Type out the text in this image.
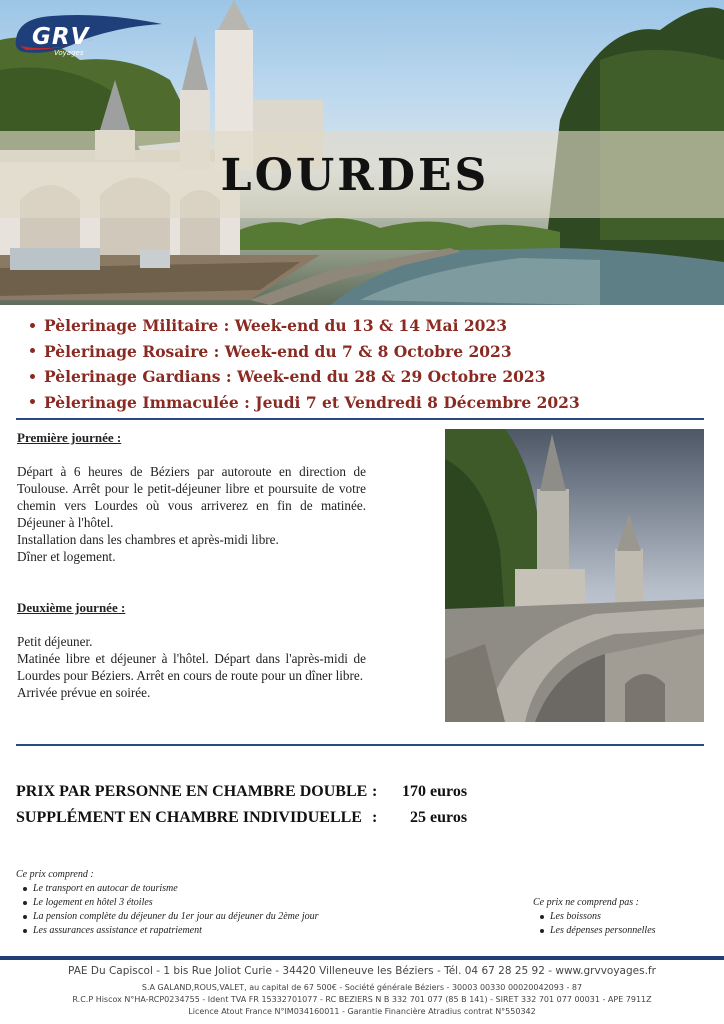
LOURDES
GRV
Voyages
Pèlerinage Militaire : Week-end du 13 & 14 Mai 2023
Pèlerinage Rosaire : Week-end du 7 & 8 Octobre 2023
Pèlerinage Gardians : Week-end du 28 & 29 Octobre 2023
Pèlerinage Immaculée : Jeudi 7 et Vendredi 8 Décembre 2023
Première journée :

Départ à 6 heures de Béziers par autoroute en direction de Toulouse. Arrêt pour le petit-déjeuner libre et poursuite de votre chemin vers Lourdes où vous arriverez en fin de matinée. Déjeuner à l'hôtel.

Installation dans les chambres et après-midi libre.
Dîner et logement.
Deuxième journée :
Petit déjeuner.

Matinée libre et déjeuner à l'hôtel. Départ dans l'après-midi de Lourdes pour Béziers. Arrêt en cours de route pour un dîner libre.

Arrivée prévue en soirée.
PRIX PAR PERSONNE EN CHAMBRE DOUBLE : 170 euros
SUPPLÉMENT EN CHAMBRE INDIVIDUELLE : 25 euros
Ce prix comprend :
Le transport en autocar de tourisme
Le logement en hôtel 3 étoiles
La pension complète du déjeuner du 1er jour au déjeuner du 2ème jour
Les assurances assistance et rapatriement
Ce prix ne comprend pas :
Les boissons
Les dépenses personnelles
PAE Du Capiscol - 1 bis Rue Joliot Curie - 34420 Villeneuve les Béziers - Tél. 04 67 28 25 92 - www.grvvoyages.fr
S.A GALAND,ROUS,VALET, au capital de 67 500€ - Société générale Béziers - 30003 00330 00020042093 - 87
R.C.P Hiscox N°HA-RCP0234755 - Ident TVA FR 15332701077 - RC BEZIERS N B 332 701 077 (85 B 141) - SIRET 332 701 077 00031 - APE 7911Z
Licence Atout France N°IM034160011 - Garantie Financière Atradius contrat N°550342
